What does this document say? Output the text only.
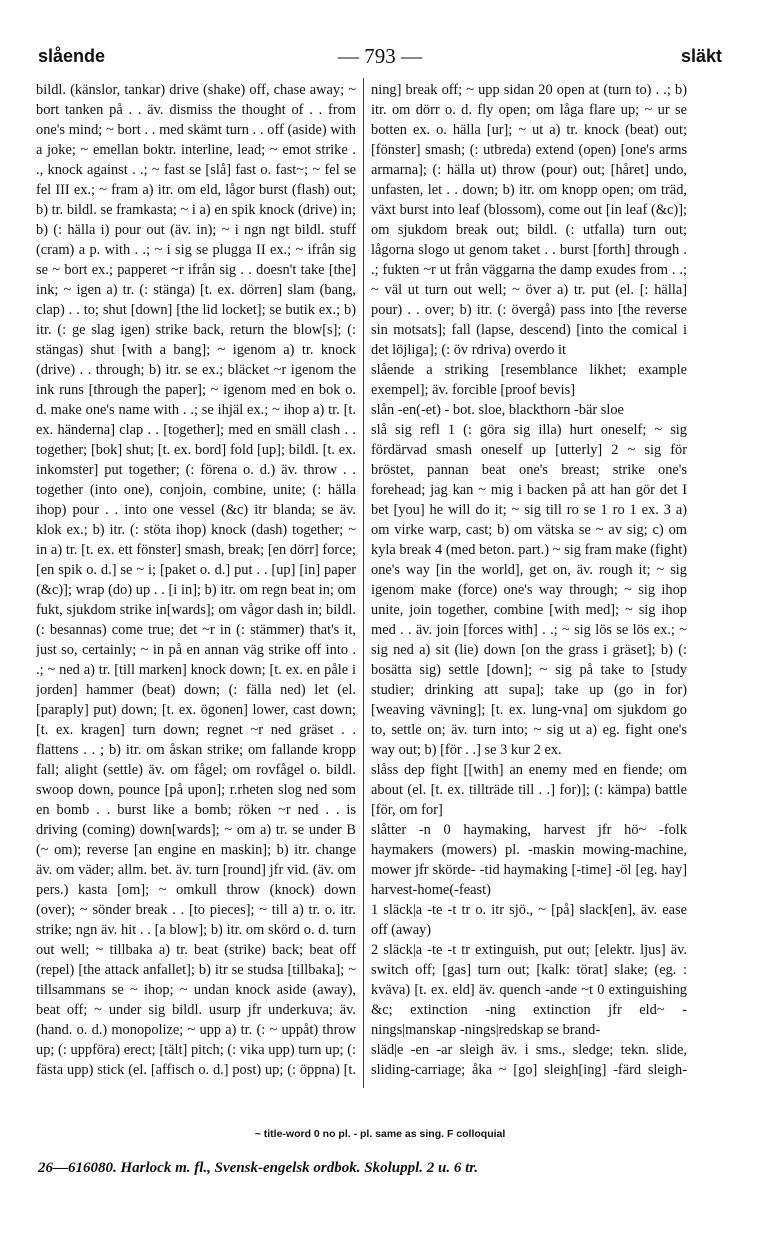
slående	— 793 —	släkt

bildl. (känslor, tankar) drive (shake) off, chase away; ~ bort tanken på . . äv. dismiss the thought of . . from one's mind; ~ bort . . med skämt turn . . off (aside) with a joke; ~ emellan boktr. interline, lead; ~ emot strike . ., knock against . .; ~ fast se [slå] fast o. fast~; ~ fel se fel III ex.; ~ fram a) itr. om eld, lågor burst (flash) out; b) tr. bildl. se framkasta; ~ i a) en spik knock (drive) in; b) (: hälla i) pour out (äv. in); ~ i ngn ngt bildl. stuff (cram) a p. with . .; ~ i sig se plugga II ex.; ~ ifrån sig se ~ bort ex.; papperet ~r ifrån sig . . doesn't take [the] ink; ~ igen a) tr. (: stänga) [t. ex. dörren] slam (bang, clap) . . to; shut [down] [the lid locket]; se butik ex.; b) itr. (: ge slag igen) strike back, return the blow[s]; (: stängas) shut [with a bang]; ~ igenom a) tr. knock (drive) . . through; b) itr. se ex.; bläcket ~r igenom the ink runs [through the paper]; ~ igenom med en bok o. d. make one's name with . .; se ihjäl ex.; ~ ihop a) tr. [t. ex. händerna] clap . . [together]; med en smäll clash . . together; [bok] shut; [t. ex. bord] fold [up]; bildl. [t. ex. inkomster] put together; (: förena o. d.) äv. throw . . together (into one), conjoin, combine, unite; (: hälla ihop) pour . . into one vessel (&c) itr blanda; se äv. klok ex.; b) itr. (: stöta ihop) knock (dash) together; ~ in a) tr. [t. ex. ett fönster] smash, break; [en dörr] force; [en spik o. d.] se ~ i; [paket o. d.] put . . [up] [in] paper (&c)]; wrap (do) up . . [i in]; b) itr. om regn beat in; om fukt, sjukdom strike in[wards]; om vågor dash in; bildl. (: besannas) come true; det ~r in (: stämmer) that's it, just so, certainly; ~ in på en annan väg strike off into . .; ~ ned a) tr. [till marken] knock down; [t. ex. en påle i jorden] hammer (beat) down; (: fälla ned) let (el. [paraply] put) down; [t. ex. ögonen] lower, cast down; [t. ex. kragen] turn down; regnet ~r ned gräset . . flattens . . ; b) itr. om åskan strike; om fallande kropp fall; alight (settle) äv. om fågel; om rovfågel o. bildl. swoop down, pounce [på upon]; r.rheten slog ned som en bomb . . burst like a bomb; röken ~r ned . . is driving (coming) down[wards]; ~ om a) tr. se under B (~ om); reverse [an engine en maskin]; b) itr. change äv. om väder; allm. bet. äv. turn [round] jfr vid. (äv. om pers.) kasta [om]; ~ omkull throw (knock) down (over); ~ sönder break . . [to pieces]; ~ till a) tr. o. itr. strike; ngn äv. hit . . [a blow]; b) itr. om skörd o. d. turn out well; ~ tillbaka a) tr. beat (strike) back; beat off (repel) [the attack anfallet]; b) itr se studsa [tillbaka]; ~ tillsammans se ~ ihop; ~ undan knock aside (away), beat off; ~ under sig bildl. usurp jfr underkuva; äv. (hand. o. d.) monopolize; ~ upp a) tr. (: ~ uppåt) throw up; (: uppföra) erect; [tält] pitch; (: vika upp) turn up; (: fästa upp) stick (el. [affisch o. d.] post) up; (: öppna) [t.

ning] break off; ~ upp sidan 20 open at (turn to) . .; b) itr. om dörr o. d. fly open; om låga flare up; ~ ur se botten ex. o. hälla [ur]; ~ ut a) tr. knock (beat) out; [fönster] smash; (: utbreda) extend (open) [one's arms armarna]; (: hälla ut) throw (pour) out; [håret] undo, unfasten, let . . down; b) itr. om knopp open; om träd, växt burst into leaf (blossom), come out [in leaf (&c)]; om sjukdom break out; bildl. (: utfalla) turn out; lågorna slogo ut genom taket . . burst [forth] through . .; fukten ~r ut från väggarna the damp exudes from . .; ~ väl ut turn out well; ~ över a) tr. put (el. [: hälla] pour) . . over; b) itr. (: övergå) pass into [the reverse sin motsats]; fall (lapse, descend) [into the comical i det löjliga]; (: öv rdriva) overdo it

slående a striking [resemblance likhet; example exempel]; äv. forcible [proof bevis]

slån -en(-et) - bot. sloe, blackthorn -bär sloe

slå sig refl 1 (: göra sig illa) hurt oneself; ~ sig fördärvad smash oneself up [utterly] 2 ~ sig för bröstet, pannan beat one's breast; strike one's forehead; jag kan ~ mig i backen på att han gör det I bet [you] he will do it; ~ sig till ro se 1 ro 1 ex. 3 a) om virke warp, cast; b) om vätska se ~ av sig; c) om kyla break 4 (med beton. part.) ~ sig fram make (fight) one's way [in the world], get on, äv. rough it; ~ sig igenom make (force) one's way through; ~ sig ihop unite, join together, combine [with med]; ~ sig ihop med . . äv. join [forces with] . .; ~ sig lös se lös ex.; ~ sig ned a) sit (lie) down [on the grass i gräset]; b) (: bosätta sig) settle [down]; ~ sig på take to [study studier; drinking att supa]; take up (go in for) [weaving vävning]; [t. ex. lung-vna] om sjukdom go to, settle on; äv. turn into; ~ sig ut a) eg. fight one's way out; b) [för . .] se 3 kur 2 ex.

slåss dep fight [[with] an enemy med en fiende; om about (el. [t. ex. tillträde till . .] for)]; (: kämpa) battle [för, om for]

slåtter -n 0 haymaking, harvest jfr hö~ -folk haymakers (mowers) pl. -maskin mowing-machine, mower jfr skörde- -tid haymaking [-time] -öl [eg. hay] harvest-home(-feast)

1 släck|a -te -t tr o. itr sjö., ~ [på] slack[en], äv. ease off (away)

2 släck|a -te -t tr extinguish, put out; [elektr. ljus] äv. switch off; [gas] turn out; [kalk: törat] slake; (eg. : kväva) [t. ex. eld] äv. quench -ande ~t 0 extinguishing &c; extinction -ning extinction jfr eld~ -nings|manskap -nings|redskap se brand-

släd|e -en -ar sleigh äv. i sms., sledge; tekn. slide, sliding-carriage; åka ~ [go] sleigh[ing] -färd sleigh-

~ title-word 0 no pl. - pl. same as sing. F colloquial
26—616080. Harlock m. fl., Svensk-engelsk ordbok. Skoluppl. 2 u. 6 tr.
